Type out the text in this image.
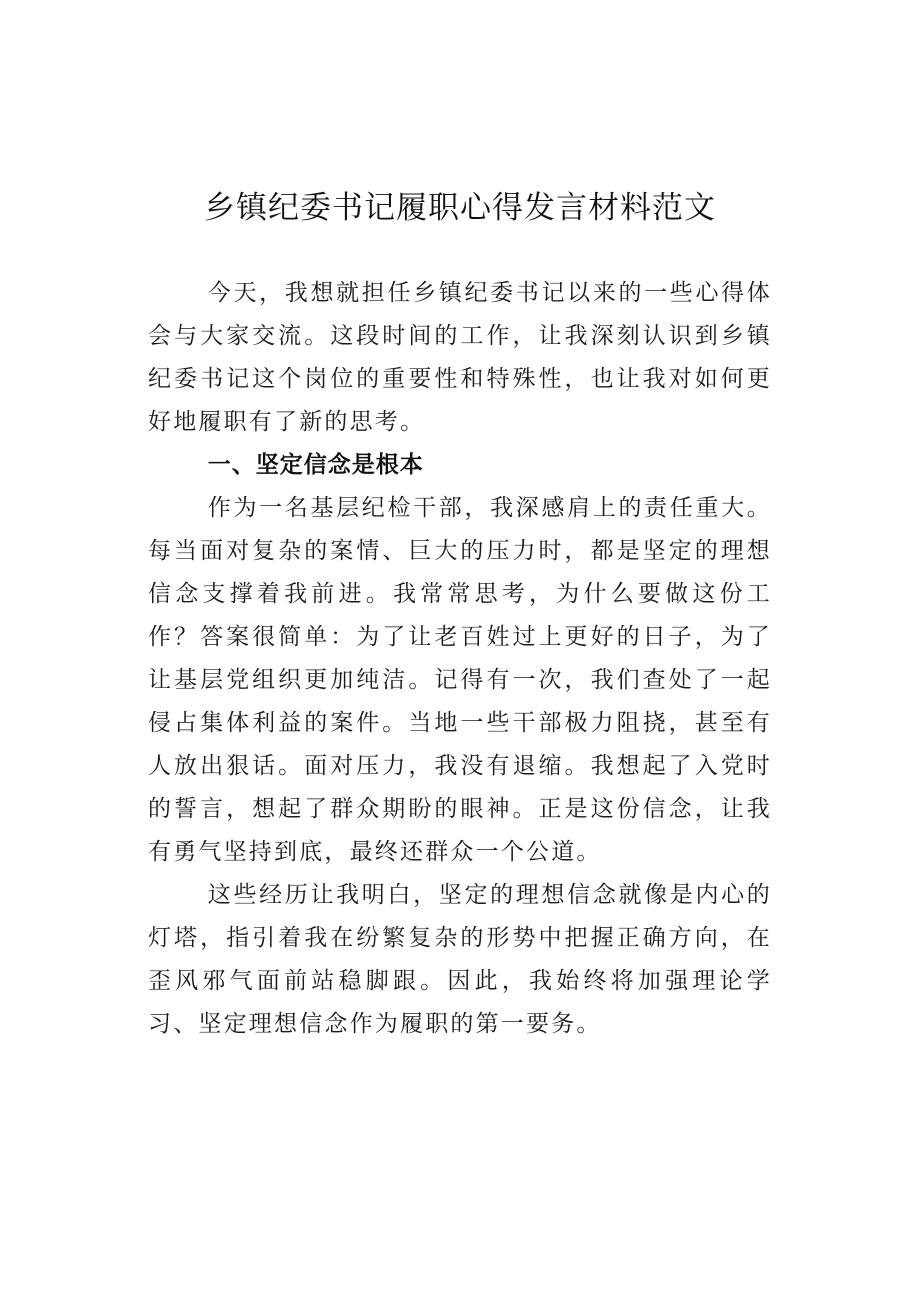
乡镇纪委书记履职心得发言材料范文

今天，我想就担任乡镇纪委书记以来的一些心得体会与大家交流。这段时间的工作，让我深刻认识到乡镇纪委书记这个岗位的重要性和特殊性，也让我对如何更好地履职有了新的思考。

一、坚定信念是根本

作为一名基层纪检干部，我深感肩上的责任重大。每当面对复杂的案情、巨大的压力时，都是坚定的理想信念支撑着我前进。我常常思考，为什么要做这份工作？答案很简单：为了让老百姓过上更好的日子，为了让基层党组织更加纯洁。记得有一次，我们查处了一起侵占集体利益的案件。当地一些干部极力阻挠，甚至有人放出狠话。面对压力，我没有退缩。我想起了入党时的誓言，想起了群众期盼的眼神。正是这份信念，让我有勇气坚持到底，最终还群众一个公道。

这些经历让我明白，坚定的理想信念就像是内心的灯塔，指引着我在纷繁复杂的形势中把握正确方向，在歪风邪气面前站稳脚跟。因此，我始终将加强理论学习、坚定理想信念作为履职的第一要务。
